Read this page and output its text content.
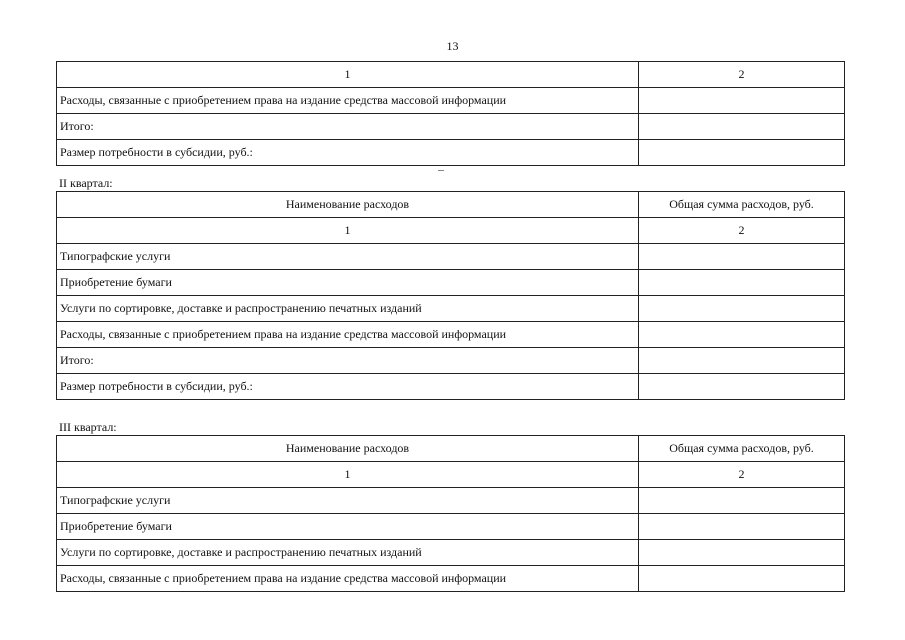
13
1	2
Расходы, связанные с приобретением права на издание средства массовой информации	
Итого:	
Размер потребности в субсидии, руб.:	
II квартал:
Наименование расходов	Общая сумма расходов, руб.
1	2
Типографские услуги	
Приобретение бумаги	
Услуги по сортировке, доставке и распространению печатных изданий	
Расходы, связанные с приобретением права на издание средства массовой информации	
Итого:	
Размер потребности в субсидии, руб.:	
III квартал:
Наименование расходов	Общая сумма расходов, руб.
1	2
Типографские услуги	
Приобретение бумаги	
Услуги по сортировке, доставке и распространению печатных изданий	
Расходы, связанные с приобретением права на издание средства массовой информации	
